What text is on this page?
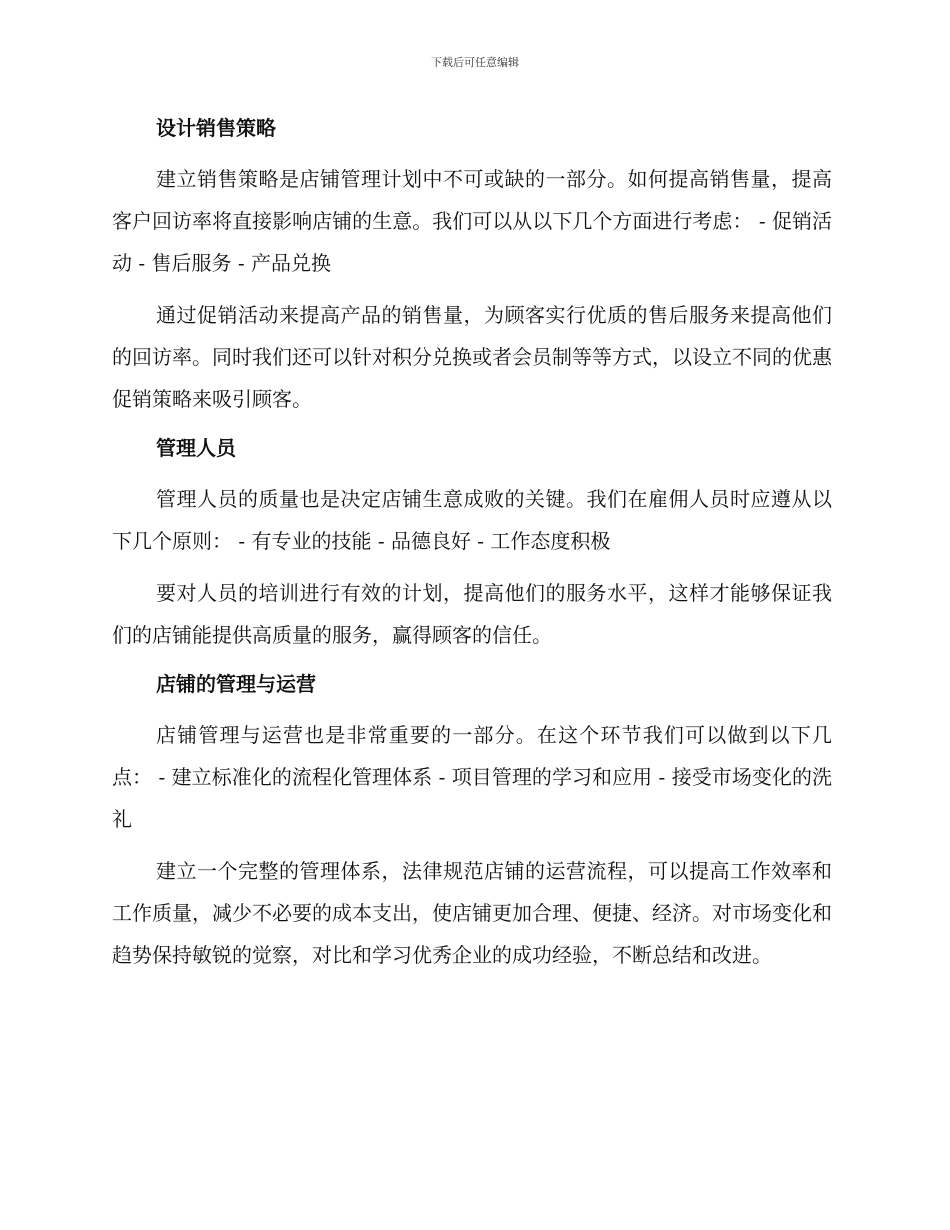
下载后可任意编辑
设计销售策略

建立销售策略是店铺管理计划中不可或缺的一部分。如何提高销售量，提高客户回访率将直接影响店铺的生意。我们可以从以下几个方面进行考虑： - 促销活动 - 售后服务 - 产品兑换

通过促销活动来提高产品的销售量，为顾客实行优质的售后服务来提高他们的回访率。同时我们还可以针对积分兑换或者会员制等等方式，以设立不同的优惠促销策略来吸引顾客。

管理人员

管理人员的质量也是决定店铺生意成败的关键。我们在雇佣人员时应遵从以下几个原则： - 有专业的技能 - 品德良好 - 工作态度积极

要对人员的培训进行有效的计划，提高他们的服务水平，这样才能够保证我们的店铺能提供高质量的服务，赢得顾客的信任。

店铺的管理与运营

店铺管理与运营也是非常重要的一部分。在这个环节我们可以做到以下几点： - 建立标准化的流程化管理体系 - 项目管理的学习和应用 - 接受市场变化的洗礼

建立一个完整的管理体系，法律规范店铺的运营流程，可以提高工作效率和工作质量，减少不必要的成本支出，使店铺更加合理、便捷、经济。对市场变化和趋势保持敏锐的觉察，对比和学习优秀企业的成功经验，不断总结和改进。
